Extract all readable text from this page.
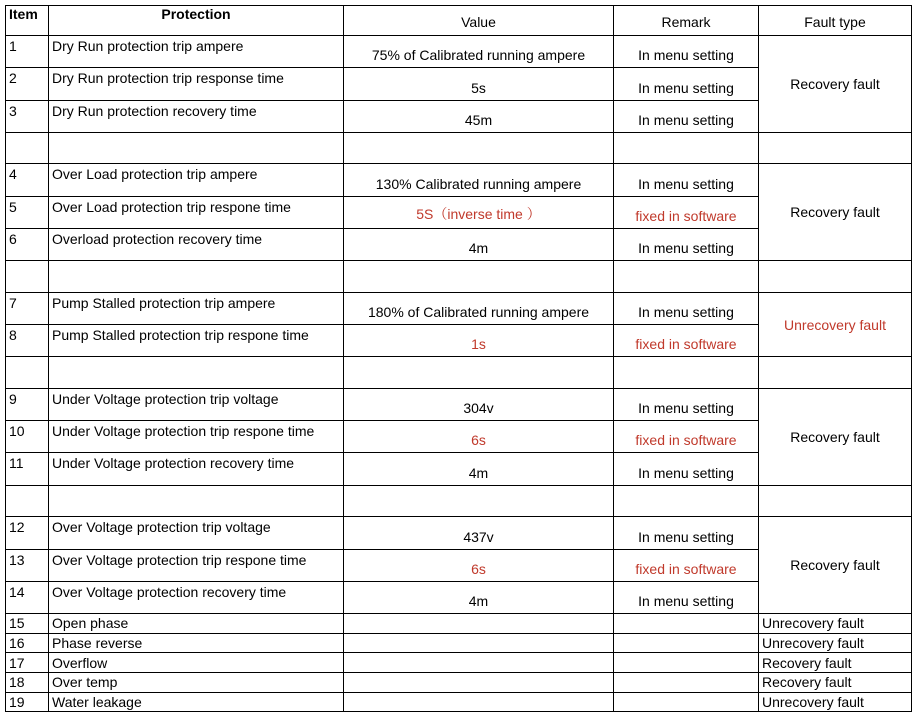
Item	Protection	Value	Remark	Fault type
1	Dry Run protection trip ampere	75% of Calibrated running ampere	In menu setting	Recovery fault
2	Dry Run protection trip response time	5s	In menu setting	
3	Dry Run protection recovery time	45m	In menu setting	

4	Over Load protection trip ampere	130% Calibrated running ampere	In menu setting	Recovery fault
5	Over Load protection trip respone time	5S（inverse time ）	fixed in software	
6	Overload protection recovery time	4m	In menu setting	

7	Pump Stalled protection trip ampere	180% of Calibrated running ampere	In menu setting	Unrecovery fault
8	Pump Stalled protection trip respone time	1s	fixed in software	

9	Under Voltage protection trip voltage	304v	In menu setting	Recovery fault
10	Under Voltage protection trip respone time	6s	fixed in software	
11	Under Voltage protection recovery time	4m	In menu setting	

12	Over Voltage protection trip voltage	437v	In menu setting	Recovery fault
13	Over Voltage protection trip respone time	6s	fixed in software	
14	Over Voltage protection recovery time	4m	In menu setting	
15	Open phase			Unrecovery fault
16	Phase reverse			Unrecovery fault
17	Overflow			Recovery fault
18	Over temp			Recovery fault
19	Water leakage			Unrecovery fault
